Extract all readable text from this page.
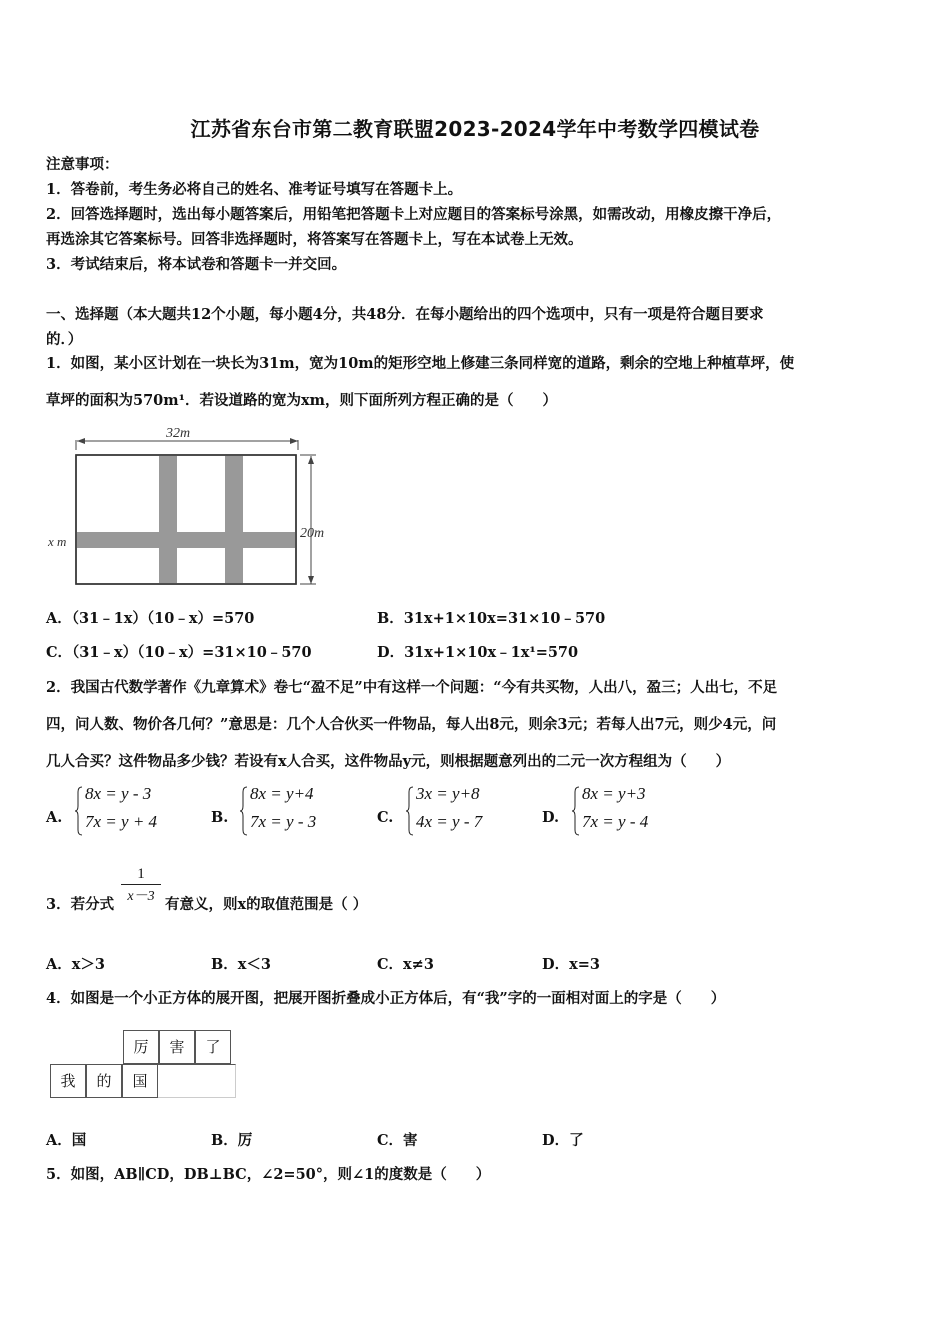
江苏省东台市第二教育联盟2023-2024学年中考数学四模试卷
注意事项：
1．答卷前，考生务必将自己的姓名、准考证号填写在答题卡上。
2．回答选择题时，选出每小题答案后，用铅笔把答题卡上对应题目的答案标号涂黑，如需改动，用橡皮擦干净后，
再选涂其它答案标号。回答非选择题时，将答案写在答题卡上，写在本试卷上无效。
3．考试结束后，将本试卷和答题卡一并交回。
一、选择题（本大题共12个小题，每小题4分，共48分．在每小题给出的四个选项中，只有一项是符合题目要求
的．）
1．如图，某小区计划在一块长为31m，宽为10m的矩形空地上修建三条同样宽的道路，剩余的空地上种植草坪，使
草坪的面积为570m¹．若设道路的宽为xm，则下面所列方程正确的是（　　）
32m
20m
x m
A．（31﹣1x）（10﹣x）=570	B．31x+1×10x=31×10﹣570
C．（31﹣x）（10﹣x）=31×10﹣570	D．31x+1×10x﹣1x¹=570
2．我国古代数学著作《九章算术》卷七“盈不足”中有这样一个问题：“今有共买物，人出八，盈三；人出七，不足
四，问人数、物价各几何？”意思是：几个人合伙买一件物品，每人出8元，则余3元；若每人出7元，则少4元，问
几人合买？这件物品多少钱？若设有x人合买，这件物品y元，则根据题意列出的二元一次方程组为（　　）
A.
8x = y - 3
7x = y + 4	B.
8x = y+4
7x = y - 3	C.
3x = y+8
4x = y - 7	D.
8x = y+3
7x = y - 4
3．若分式 $\frac{1}{x-3}$ 有意义，则x的取值范围是（ ）
A．x＞3	B．x＜3	C．x≠3	D．x=3
4．如图是一个小正方体的展开图，把展开图折叠成小正方体后，有“我”字的一面相对面上的字是（　　）
厉	害	了
我	的	国
A．国	B．厉	C．害	D．了
5．如图，AB∥CD，DB⊥BC，∠2=50°，则∠1的度数是（　　）
